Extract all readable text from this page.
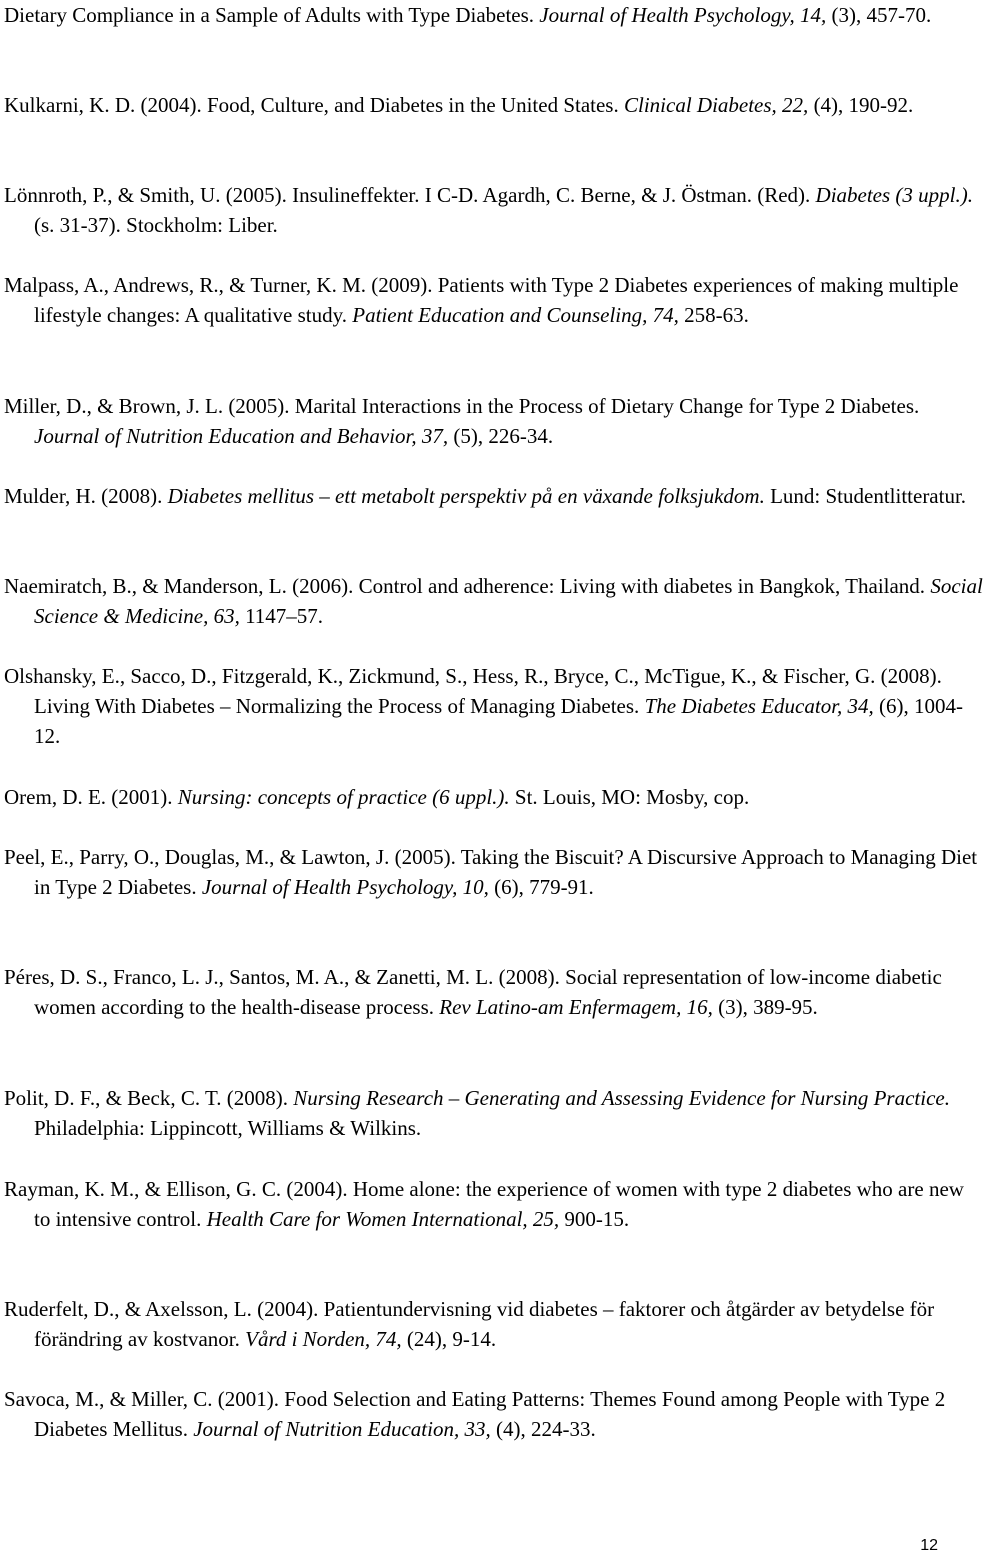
Dietary Compliance in a Sample of Adults with Type Diabetes. Journal of Health Psychology, 14, (3), 457-70.

Kulkarni, K. D. (2004). Food, Culture, and Diabetes in the United States. Clinical Diabetes, 22, (4), 190-92.

Lönnroth, P., & Smith, U. (2005). Insulineffekter. I C-D. Agardh, C. Berne, & J. Östman. (Red). Diabetes (3 uppl.). (s. 31-37). Stockholm: Liber.

Malpass, A., Andrews, R., & Turner, K. M. (2009). Patients with Type 2 Diabetes experiences of making multiple lifestyle changes: A qualitative study. Patient Education and Counseling, 74, 258-63.

Miller, D., & Brown, J. L. (2005). Marital Interactions in the Process of Dietary Change for Type 2 Diabetes. Journal of Nutrition Education and Behavior, 37, (5), 226-34.

Mulder, H. (2008). Diabetes mellitus – ett metabolt perspektiv på en växande folksjukdom. Lund: Studentlitteratur.

Naemiratch, B., & Manderson, L. (2006). Control and adherence: Living with diabetes in Bangkok, Thailand. Social Science & Medicine, 63, 1147–57.

Olshansky, E., Sacco, D., Fitzgerald, K., Zickmund, S., Hess, R., Bryce, C., McTigue, K., & Fischer, G. (2008). Living With Diabetes – Normalizing the Process of Managing Diabetes. The Diabetes Educator, 34, (6), 1004-12.

Orem, D. E. (2001). Nursing: concepts of practice (6 uppl.). St. Louis, MO: Mosby, cop.

Peel, E., Parry, O., Douglas, M., & Lawton, J. (2005). Taking the Biscuit? A Discursive Approach to Managing Diet in Type 2 Diabetes. Journal of Health Psychology, 10, (6), 779-91.

Péres, D. S., Franco, L. J., Santos, M. A., & Zanetti, M. L. (2008). Social representation of low-income diabetic women according to the health-disease process. Rev Latino-am Enfermagem, 16, (3), 389-95.

Polit, D. F., & Beck, C. T. (2008). Nursing Research – Generating and Assessing Evidence for Nursing Practice. Philadelphia: Lippincott, Williams & Wilkins.

Rayman, K. M., & Ellison, G. C. (2004). Home alone: the experience of women with type 2 diabetes who are new to intensive control. Health Care for Women International, 25, 900-15.

Ruderfelt, D., & Axelsson, L. (2004). Patientundervisning vid diabetes – faktorer och åtgärder av betydelse för förändring av kostvanor. Vård i Norden, 74, (24), 9-14.

Savoca, M., & Miller, C. (2001). Food Selection and Eating Patterns: Themes Found among People with Type 2 Diabetes Mellitus. Journal of Nutrition Education, 33, (4), 224-33.

12
